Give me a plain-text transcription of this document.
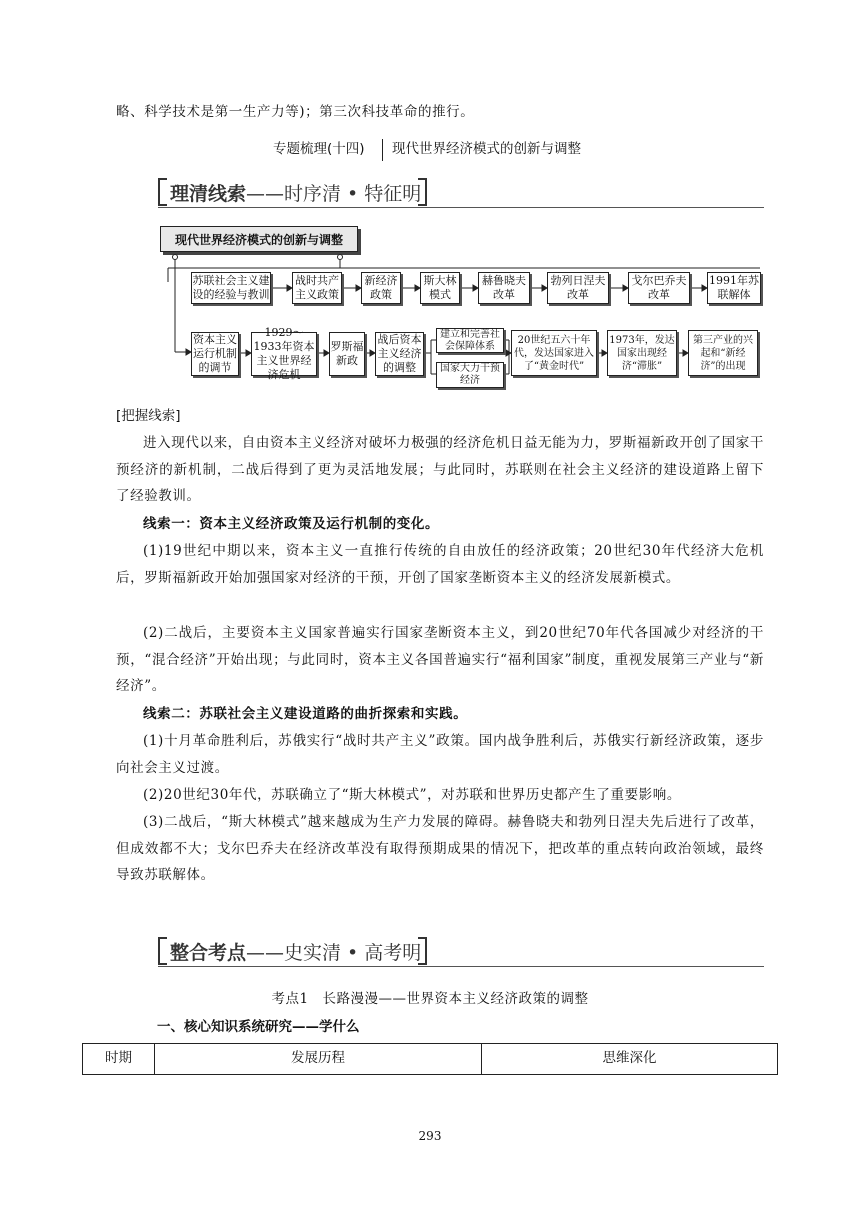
略、科学技术是第一生产力等)；第三次科技革命的推行。
专题梳理(十四) 现代世界经济模式的创新与调整
理清线索——时序清 • 特征明
现代世界经济模式的创新与调整
苏联社会主义建设的经验与教训
战时共产主义政策
新经济政策
斯大林模式
赫鲁晓夫改革
勃列日涅夫改革
戈尔巴乔夫改革
1991年苏联解体
资本主义运行机制的调节
1929～1933年资本主义世界经济危机
罗斯福新政
战后资本主义经济的调整
建立和完善社会保障体系
国家大力干预经济
20世纪五六十年代，发达国家进入了“黄金时代”
1973年，发达国家出现经济“滞胀”
第三产业的兴起和“新经济”的出现
[把握线索]
进入现代以来，自由资本主义经济对破坏力极强的经济危机日益无能为力，罗斯福新政开创了国家干预经济的新机制，二战后得到了更为灵活地发展；与此同时，苏联则在社会主义经济的建设道路上留下了经验教训。
线索一：资本主义经济政策及运行机制的变化。
(1)19世纪中期以来，资本主义一直推行传统的自由放任的经济政策；20世纪30年代经济大危机后，罗斯福新政开始加强国家对经济的干预，开创了国家垄断资本主义的经济发展新模式。
(2)二战后，主要资本主义国家普遍实行国家垄断资本主义，到20世纪70年代各国减少对经济的干预，“混合经济”开始出现；与此同时，资本主义各国普遍实行“福利国家”制度，重视发展第三产业与“新经济”。
线索二：苏联社会主义建设道路的曲折探索和实践。
(1)十月革命胜利后，苏俄实行“战时共产主义”政策。国内战争胜利后，苏俄实行新经济政策，逐步向社会主义过渡。
(2)20世纪30年代，苏联确立了“斯大林模式”，对苏联和世界历史都产生了重要影响。
(3)二战后，“斯大林模式”越来越成为生产力发展的障碍。赫鲁晓夫和勃列日涅夫先后进行了改革，但成效都不大；戈尔巴乔夫在经济改革没有取得预期成果的情况下，把改革的重点转向政治领域，最终导致苏联解体。
整合考点——史实清 • 高考明
考点1　长路漫漫——世界资本主义经济政策的调整
一、核心知识系统研究——学什么
时期	发展历程	思维深化
293
